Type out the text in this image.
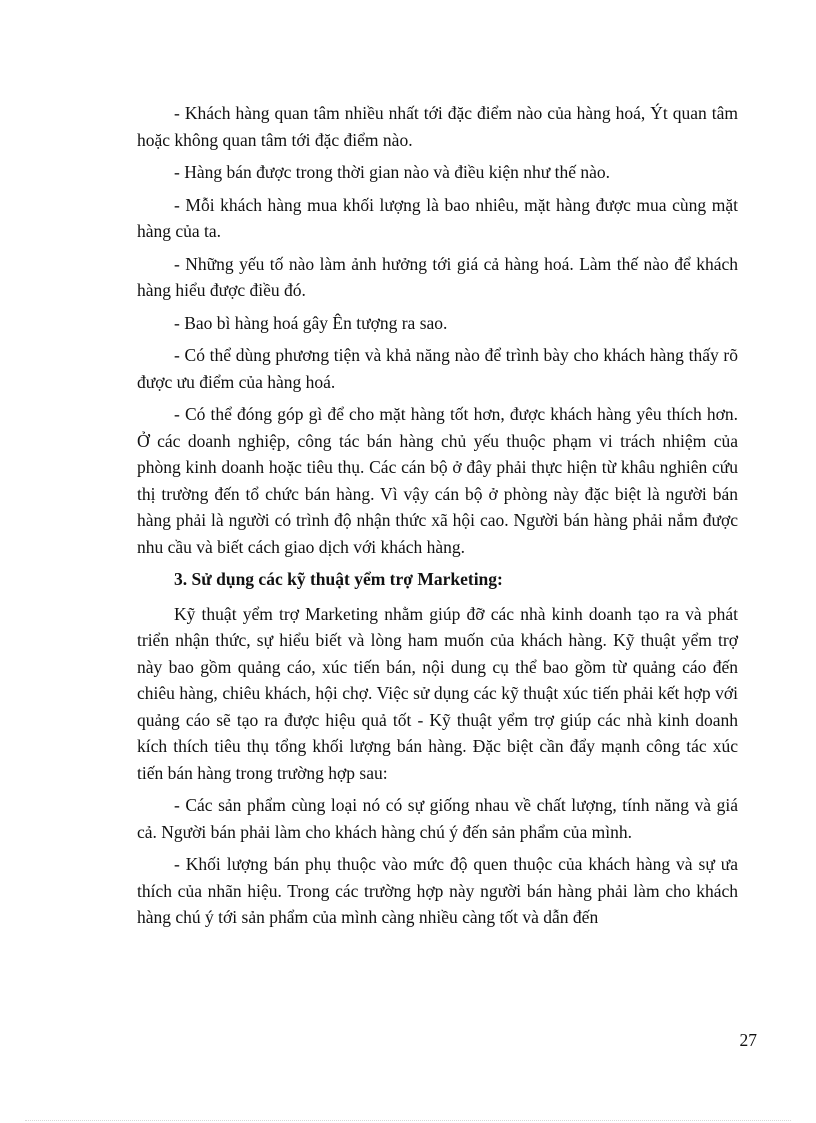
- Khách hàng quan tâm nhiều nhất tới đặc điểm nào của hàng hoá, Ýt quan tâm hoặc không quan tâm tới đặc điểm nào.

- Hàng bán được trong thời gian nào và điều kiện như thế nào.

- Mỗi khách hàng mua khối lượng là bao nhiêu, mặt hàng được mua cùng mặt hàng của ta.

- Những yếu tố nào làm ảnh hưởng tới giá cả hàng hoá. Làm thế nào để khách hàng hiểu được điều đó.

- Bao bì hàng hoá gây Ên tượng ra sao.

- Có thể dùng phương tiện và khả năng nào để trình bày cho khách hàng thấy rõ được ưu điểm của hàng hoá.

- Có thể đóng góp gì để cho mặt hàng tốt hơn, được khách hàng yêu thích hơn. Ở các doanh nghiệp, công tác bán hàng chủ yếu thuộc phạm vi trách nhiệm của phòng kinh doanh hoặc tiêu thụ. Các cán bộ ở đây phải thực hiện từ khâu nghiên cứu thị trường đến tổ chức bán hàng. Vì vậy cán bộ ở phòng này đặc biệt là người bán hàng phải là người có trình độ nhận thức xã hội cao. Người bán hàng phải nắm được nhu cầu và biết cách giao dịch với khách hàng.

3. Sử dụng các kỹ thuật yểm trợ Marketing:

Kỹ thuật yểm trợ Marketing nhằm giúp đỡ các nhà kinh doanh tạo ra và phát triển nhận thức, sự hiểu biết và lòng ham muốn của khách hàng. Kỹ thuật yểm trợ này bao gồm quảng cáo, xúc tiến bán, nội dung cụ thể bao gồm từ quảng cáo đến chiêu hàng, chiêu khách, hội chợ. Việc sử dụng các kỹ thuật xúc tiến phải kết hợp với quảng cáo sẽ tạo ra được hiệu quả tốt - Kỹ thuật yểm trợ giúp các nhà kinh doanh kích thích tiêu thụ tổng khối lượng bán hàng. Đặc biệt cần đẩy mạnh công tác xúc tiến bán hàng trong trường hợp sau:

- Các sản phẩm cùng loại nó có sự giống nhau về chất lượng, tính năng và giá cả. Người bán phải làm cho khách hàng chú ý đến sản phẩm của mình.

- Khối lượng bán phụ thuộc vào mức độ quen thuộc của khách hàng và sự ưa thích của nhãn hiệu. Trong các trường hợp này người bán hàng phải làm cho khách hàng chú ý tới sản phẩm của mình càng nhiều càng tốt và dẫn đến

27
